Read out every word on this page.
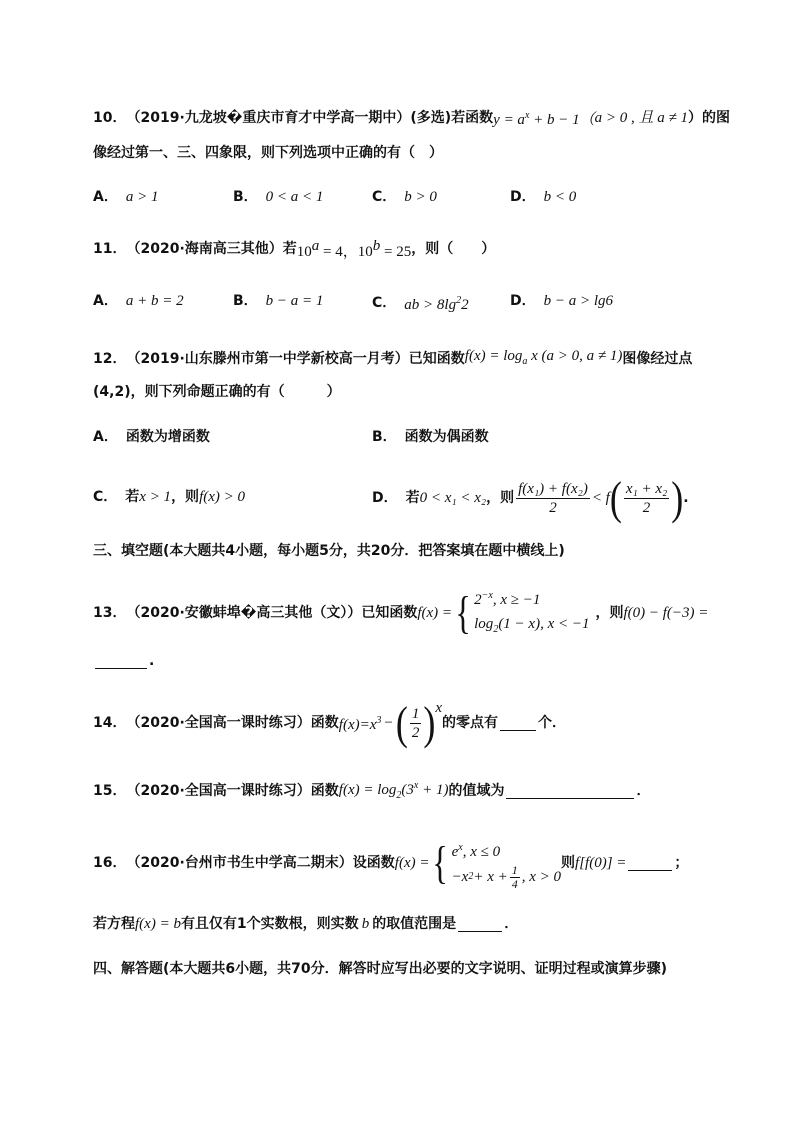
10． （2019·九龙坡�重庆市育才中学高一期中） (多选)若函数 $y = a^x + b - 1$（ a > 0 , 且 a ≠ 1 ）的图
像经过第一、三、四象限，则下列选项中正确的有（　）
A． a > 1	B． 0 < a < 1	C． b > 0	D． b < 0
11． （2020·海南高三其他） 若 $10^a = 4$， $10^b = 25$ ，则（　　）
A． a + b = 2	B． b − a = 1	C． ab > $8\lg^22$	D． b − a > lg6
12． （2019·山东滕州市第一中学新校高一月考） 已知函数 $f(x) = \log_a x$ (a > 0, a ≠ 1) 图像经过点
(4,2)，则下列命题正确的有（　　　）
A． 函数为增函数	B． 函数为偶函数
C． 若 x > 1 ，则 f(x) > 0	D． 若 0 < x₁ < x₂ ，则 $\frac{\text{f(x₁) + f(x₂)}}{2} < f$ ( $\frac{\text{x₁ + x₂}}{2}$ ) .
三、填空题(本大题共4小题，每小题5分，共20分．把答案填在题中横线上)
13． （2020·安徽蚌埠�高三其他（文）） 已知函数 f(x) = { $2^{-x}$, x ≥ −1
$\log_2(1 - x)$, x < −1
，则 f(0) − f(−3) =
.
14． （2020·全国高一课时练习） 函数 $f(x)=x^3$ − ( $\frac{1}{2}$ ) x
的零点有	个．
15． （2020·全国高一课时练习） 函数 $f(x) = \log_2(3^x + 1)$ 的值域为	．
16． （2020·台州市书生中学高二期末） 设函数 f(x) = { $e^x$, x ≤ 0
−x $2 + x + \frac{1}{4}$ , x > 0
则 f[f(0)] =	；
若方程 f(x) = b 有且仅有1个实数根，则实数 b 的取值范围是	．
四、解答题(本大题共6小题，共70分．解答时应写出必要的文字说明、证明过程或演算步骤)
